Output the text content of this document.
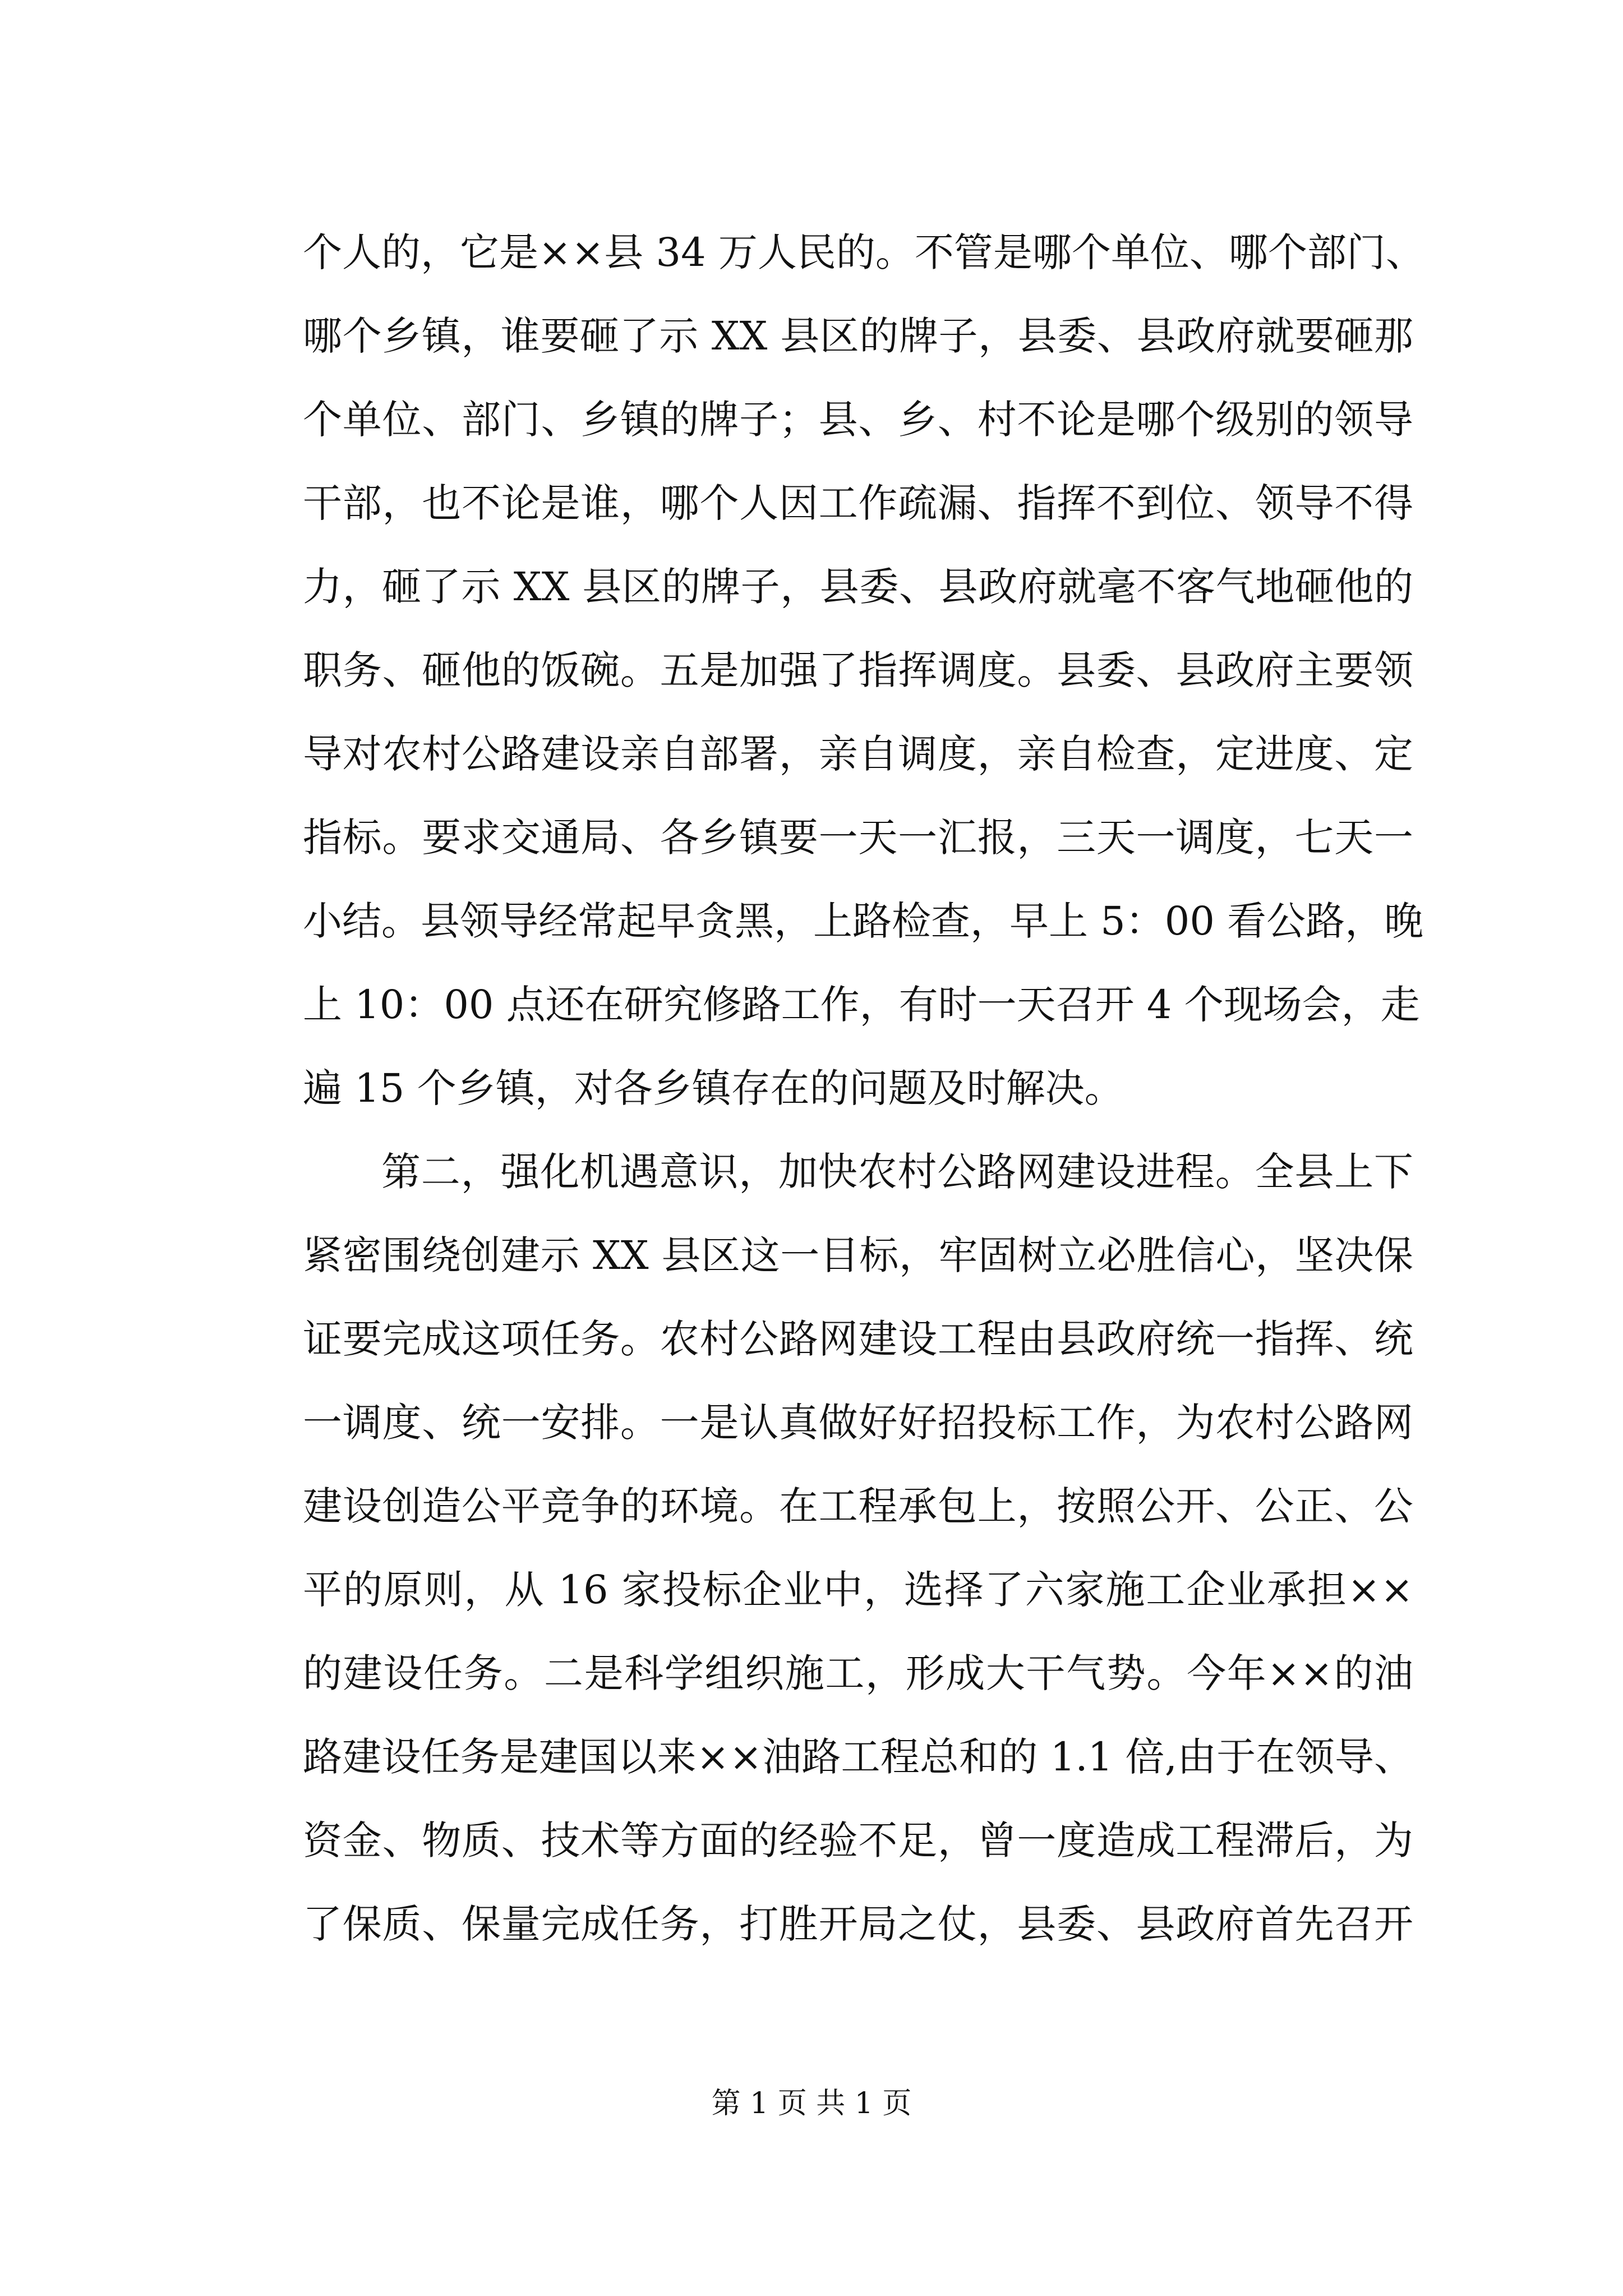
个人的，它是××县 34 万人民的。不管是哪个单位、哪个部门、
哪个乡镇，谁要砸了示 XX 县区的牌子，县委、县政府就要砸那
个单位、部门、乡镇的牌子；县、乡、村不论是哪个级别的领导
干部，也不论是谁，哪个人因工作疏漏、指挥不到位、领导不得
力，砸了示 XX 县区的牌子，县委、县政府就毫不客气地砸他的
职务、砸他的饭碗。五是加强了指挥调度。县委、县政府主要领
导对农村公路建设亲自部署，亲自调度，亲自检查，定进度、定
指标。要求交通局、各乡镇要一天一汇报，三天一调度，七天一
小结。县领导经常起早贪黑，上路检查，早上 5：00 看公路，晚
上 10：00 点还在研究修路工作，有时一天召开 4 个现场会，走
遍 15 个乡镇，对各乡镇存在的问题及时解决。
第二，强化机遇意识，加快农村公路网建设进程。全县上下
紧密围绕创建示 XX 县区这一目标，牢固树立必胜信心，坚决保
证要完成这项任务。农村公路网建设工程由县政府统一指挥、统
一调度、统一安排。一是认真做好好招投标工作，为农村公路网
建设创造公平竞争的环境。在工程承包上，按照公开、公正、公
平的原则，从 16 家投标企业中，选择了六家施工企业承担××
的建设任务。二是科学组织施工，形成大干气势。今年××的油
路建设任务是建国以来××油路工程总和的 1.1 倍,由于在领导、
资金、物质、技术等方面的经验不足，曾一度造成工程滞后，为
了保质、保量完成任务，打胜开局之仗，县委、县政府首先召开
第 1 页 共 1 页
